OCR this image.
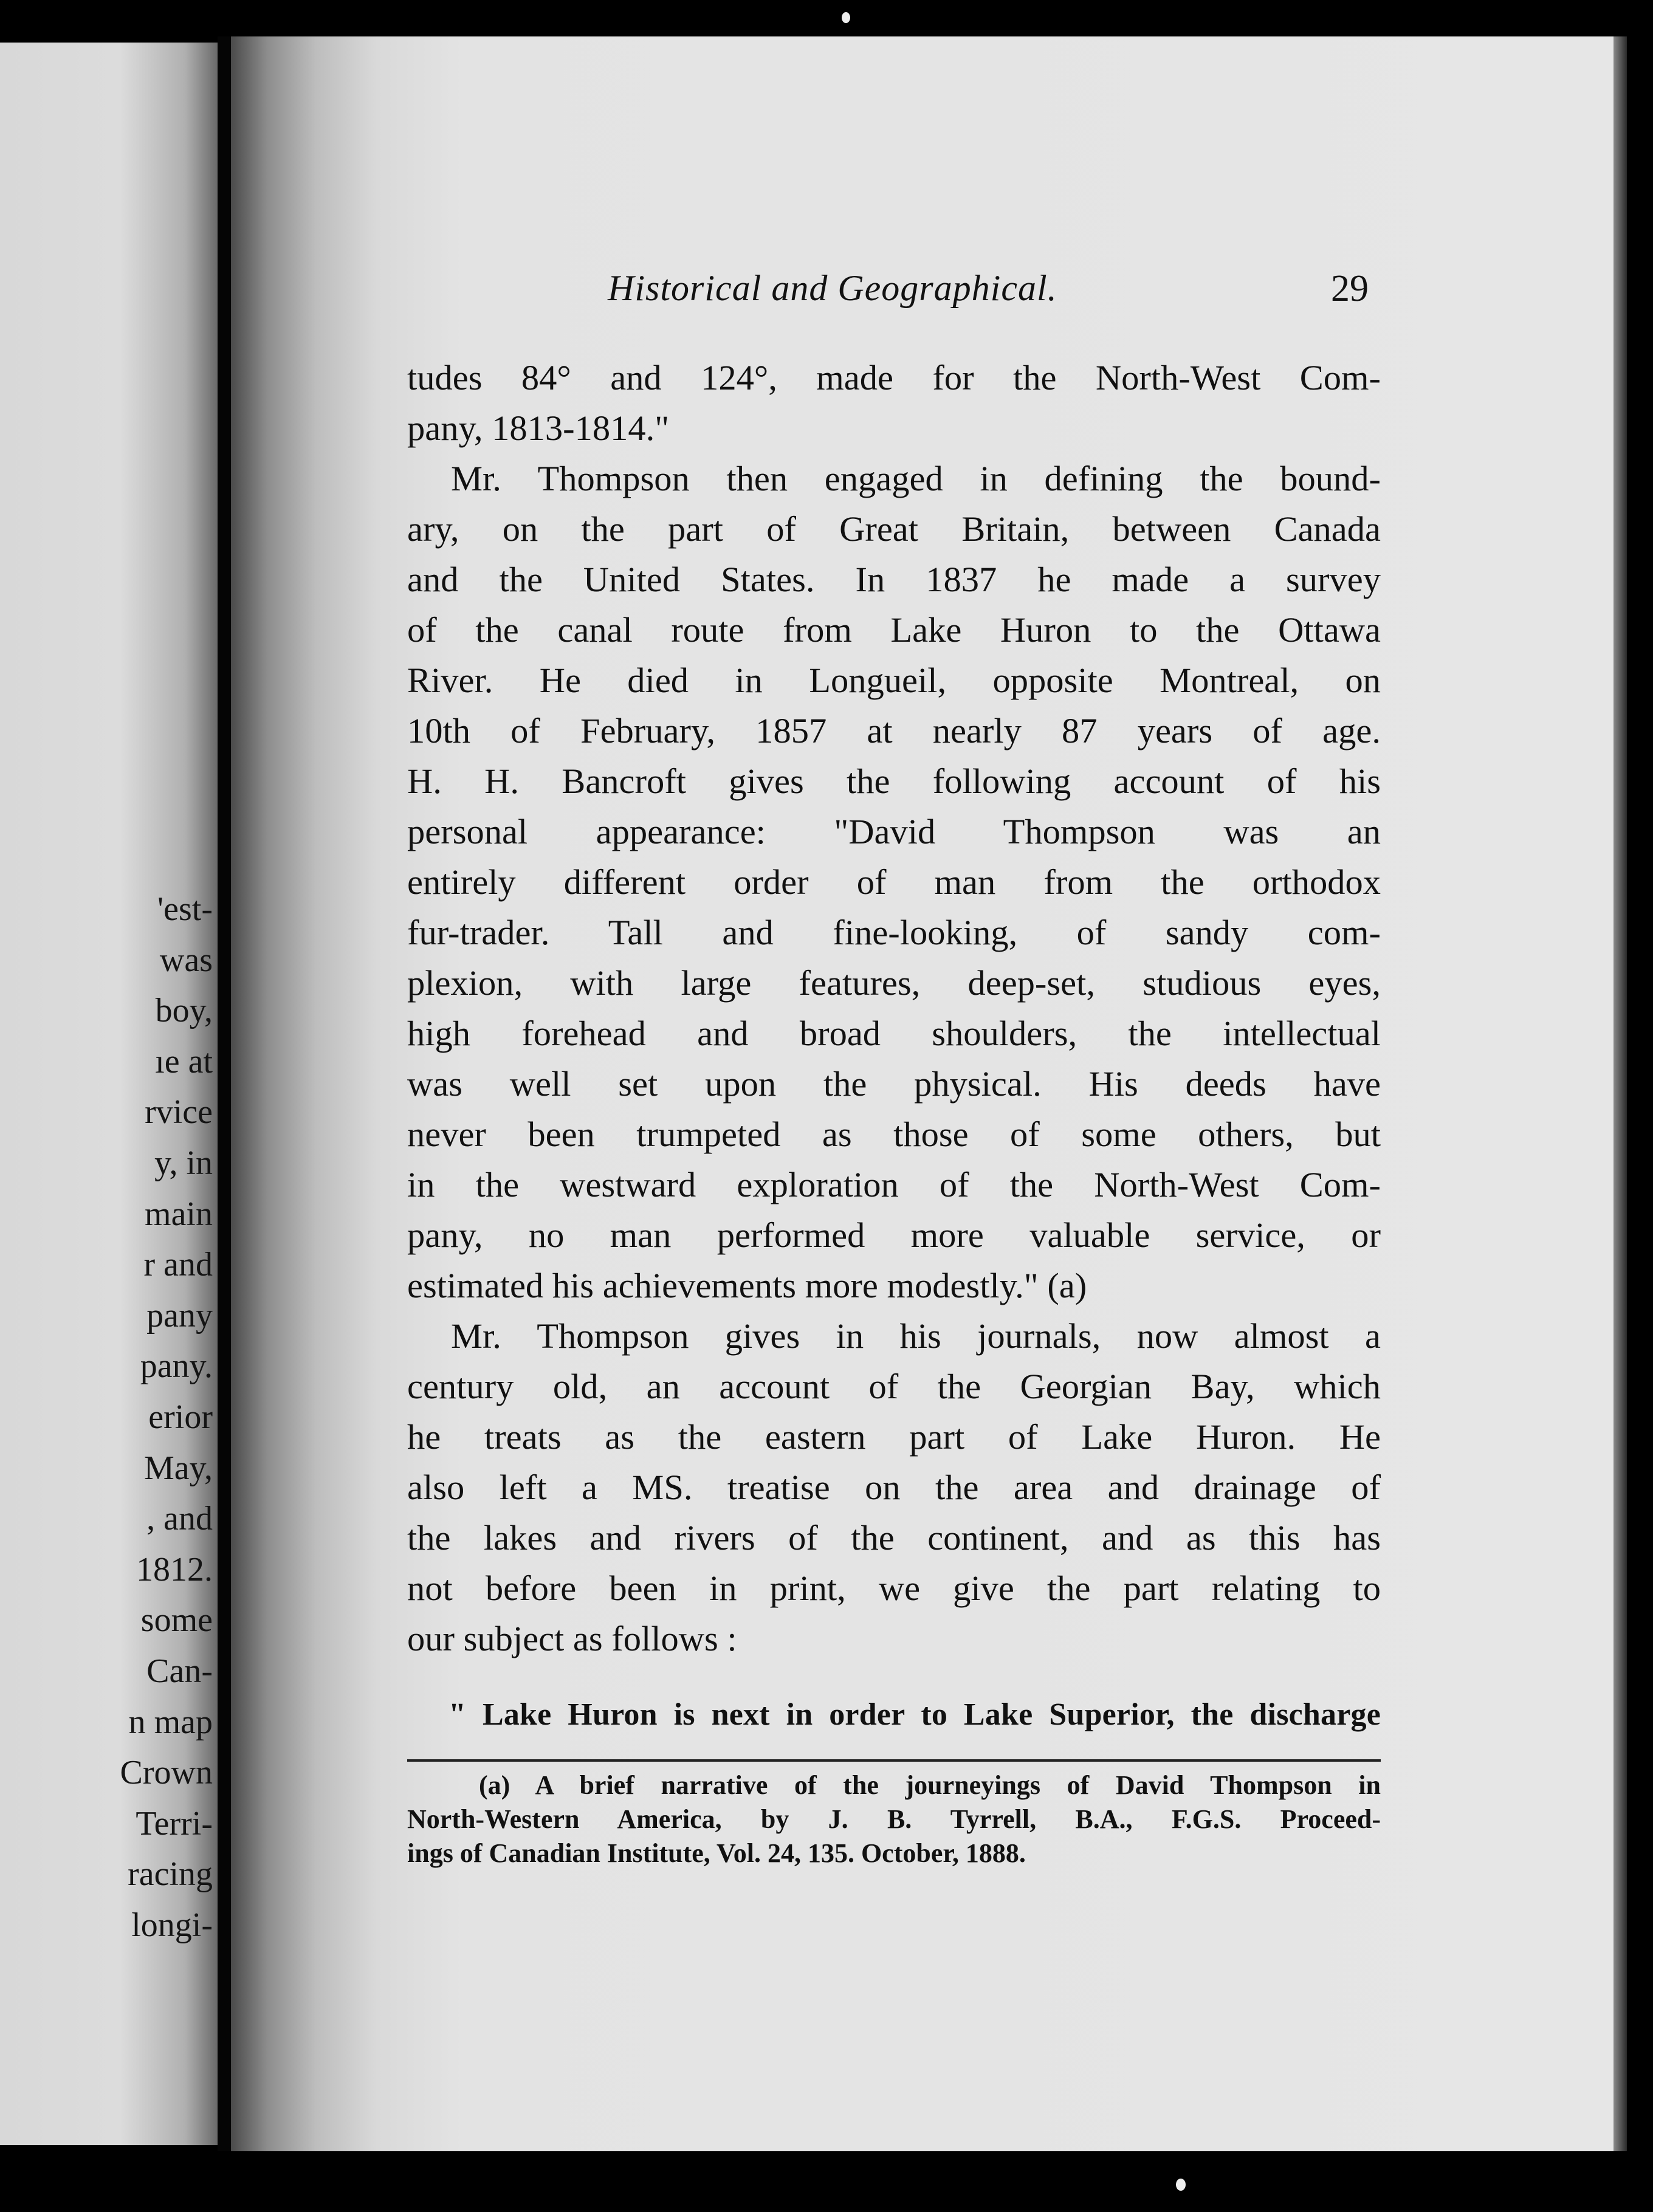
'est-
was
boy,
ıe at
rvice
y, in
main
r and
pany
pany.
erior
May,
, and
1812.
some
Can-
n map
Crown
Terri-
racing
longi-
Historical and Geographical.	29

tudes 84° and 124°, made for the North-West Com-
pany, 1813-1814."

Mr. Thompson then engaged in defining the bound-
ary, on the part of Great Britain, between Canada
and the United States. In 1837 he made a survey
of the canal route from Lake Huron to the Ottawa
River. He died in Longueil, opposite Montreal, on
10th of February, 1857 at nearly 87 years of age.
H. H. Bancroft gives the following account of his
personal appearance: "David Thompson was an
entirely different order of man from the orthodox
fur-trader. Tall and fine-looking, of sandy com-
plexion, with large features, deep-set, studious eyes,
high forehead and broad shoulders, the intellectual
was well set upon the physical. His deeds have
never been trumpeted as those of some others, but
in the westward exploration of the North-West Com-
pany, no man performed more valuable service, or
estimated his achievements more modestly." (a)

Mr. Thompson gives in his journals, now almost a
century old, an account of the Georgian Bay, which
he treats as the eastern part of Lake Huron. He
also left a MS. treatise on the area and drainage of
the lakes and rivers of the continent, and as this has
not before been in print, we give the part relating to
our subject as follows :

" Lake Huron is next in order to Lake Superior, the discharge
(a) A brief narrative of the journeyings of David Thompson in
North-Western America, by J. B. Tyrrell, B.A., F.G.S. Proceed-
ings of Canadian Institute, Vol. 24, 135. October, 1888.
